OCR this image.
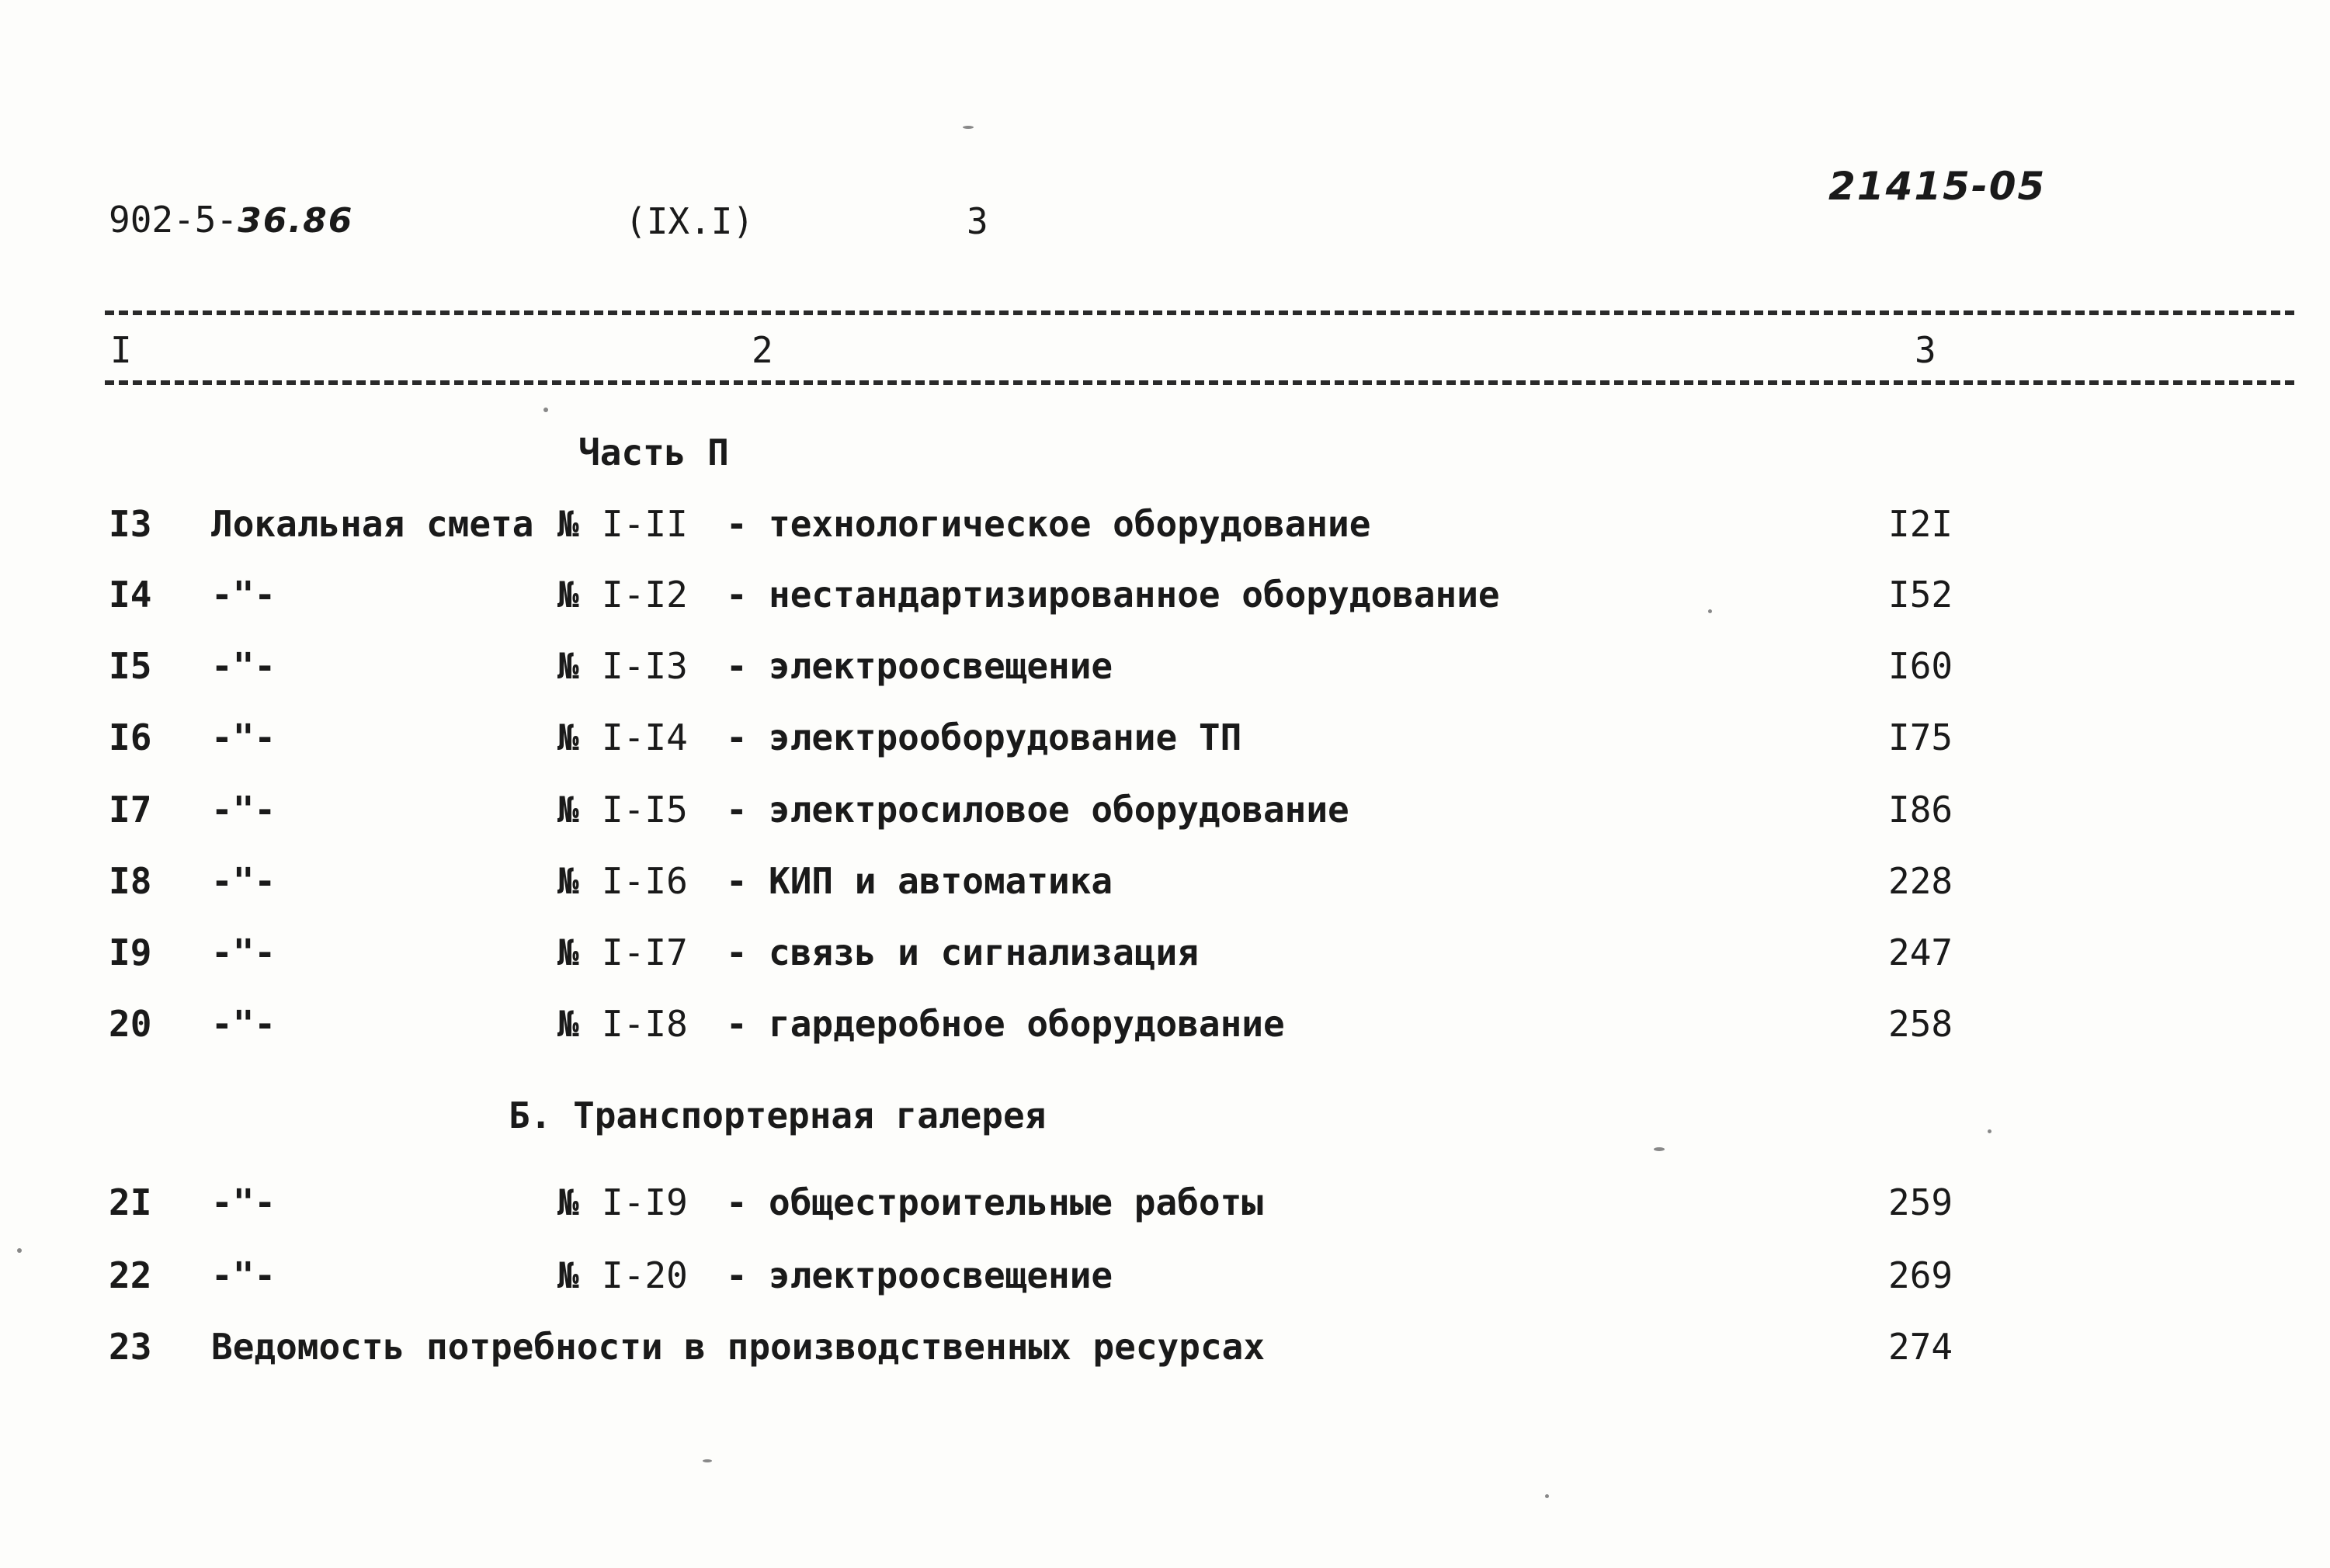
902-5-36.86	(IX.I)	3
21415-05
I	2	3
Часть П
I3 Локальная смета № I-II - технологическое оборудование	I2I
I4 -"-	№ I-I2 - нестандартизированное оборудование	I52
I5 -"-	№ I-I3 - электроосвещение	I60
I6 -"-	№ I-I4 - электрооборудование ТП	I75
I7 -"-	№ I-I5 - электросиловое оборудование	I86
I8 -"-	№ I-I6 - КИП и автоматика	228
I9 -"-	№ I-I7 - связь и сигнализация	247
20 -"-	№ I-I8 - гардеробное оборудование	258
Б. Транспортерная галерея
2I -"-	№ I-I9 - общестроительные работы	259
22 -"-	№ I-20 - электроосвещение	269
23 Ведомость потребности в производственных ресурсах	274
